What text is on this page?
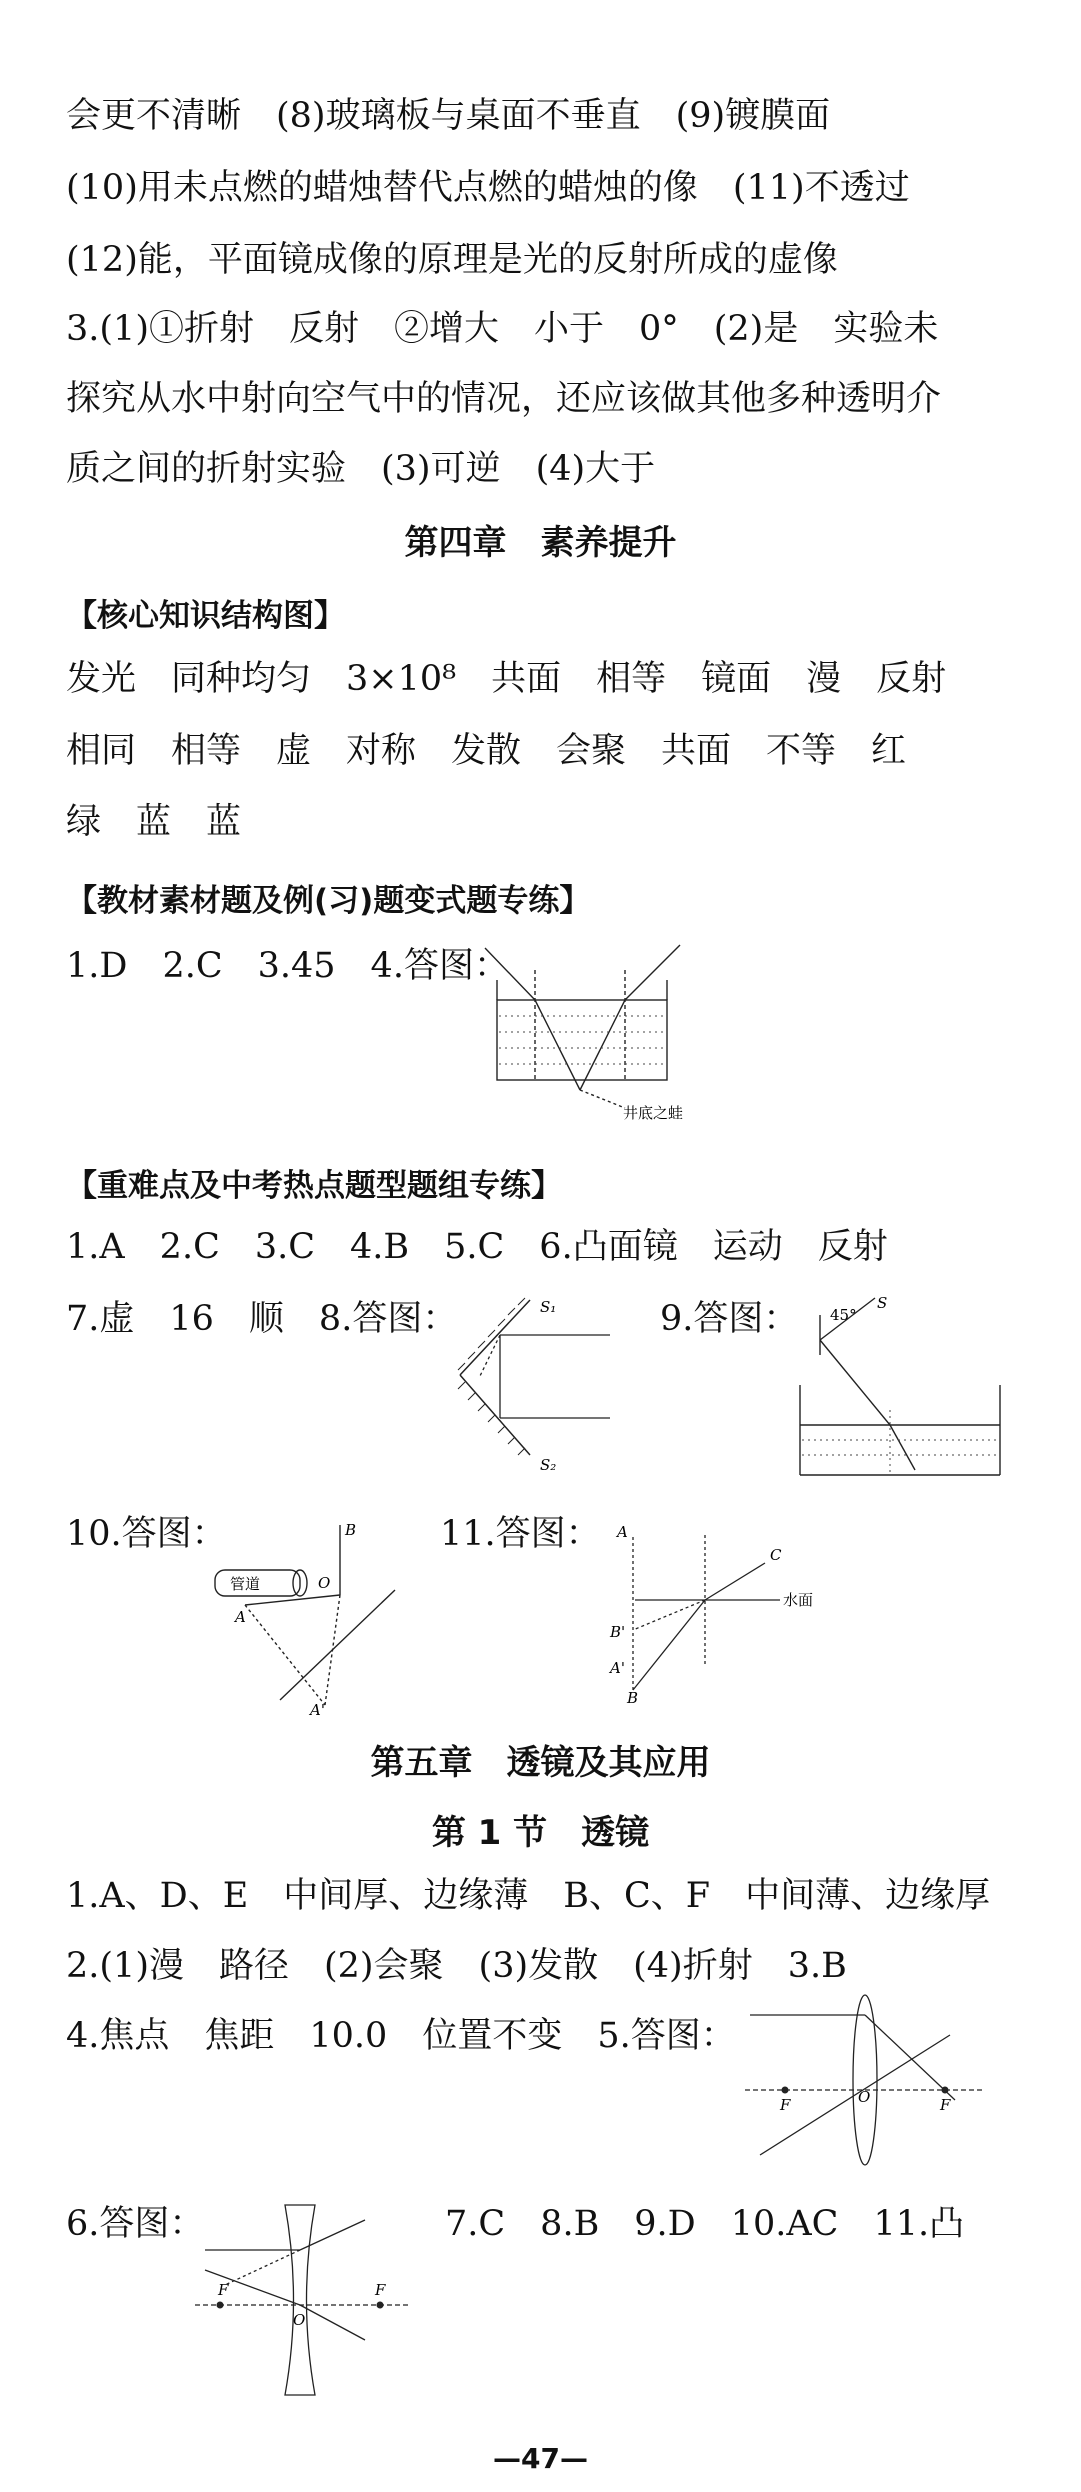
会更不清晰　(8)玻璃板与桌面不垂直　(9)镀膜面
(10)用未点燃的蜡烛替代点燃的蜡烛的像　(11)不透过
(12)能，平面镜成像的原理是光的反射所成的虚像
3.(1)①折射　反射　②增大　小于　0°　(2)是　实验未
探究从水中射向空气中的情况，还应该做其他多种透明介
质之间的折射实验　(3)可逆　(4)大于
第四章　素养提升
【核心知识结构图】
发光　同种均匀　3×10⁸　共面　相等　镜面　漫　反射
相同　相等　虚　对称　发散　会聚　共面　不等　红
绿　蓝　蓝
【教材素材题及例(习)题变式题专练】
1.D　2.C　3.45　4.答图：
井底之蛙
【重难点及中考热点题型题组专练】
1.A　2.C　3.C　4.B　5.C　6.凸面镜　运动　反射
7.虚　16　顺　8.答图：	9.答图：
S₁
S₂
45°
S
10.答图：	11.答图：
管道	O
B
A
A'
A
C
水面
B'
A'
B
第五章　透镜及其应用
第 1 节　透镜
1.A、D、E　中间厚、边缘薄　B、C、F　中间薄、边缘厚
2.(1)漫　路径　(2)会聚　(3)发散　(4)折射　3.B
4.焦点　焦距　10.0　位置不变　5.答图：
F	O	F
6.答图：	7.C　8.B　9.D　10.AC　11.凸
F
O
F
—47—
